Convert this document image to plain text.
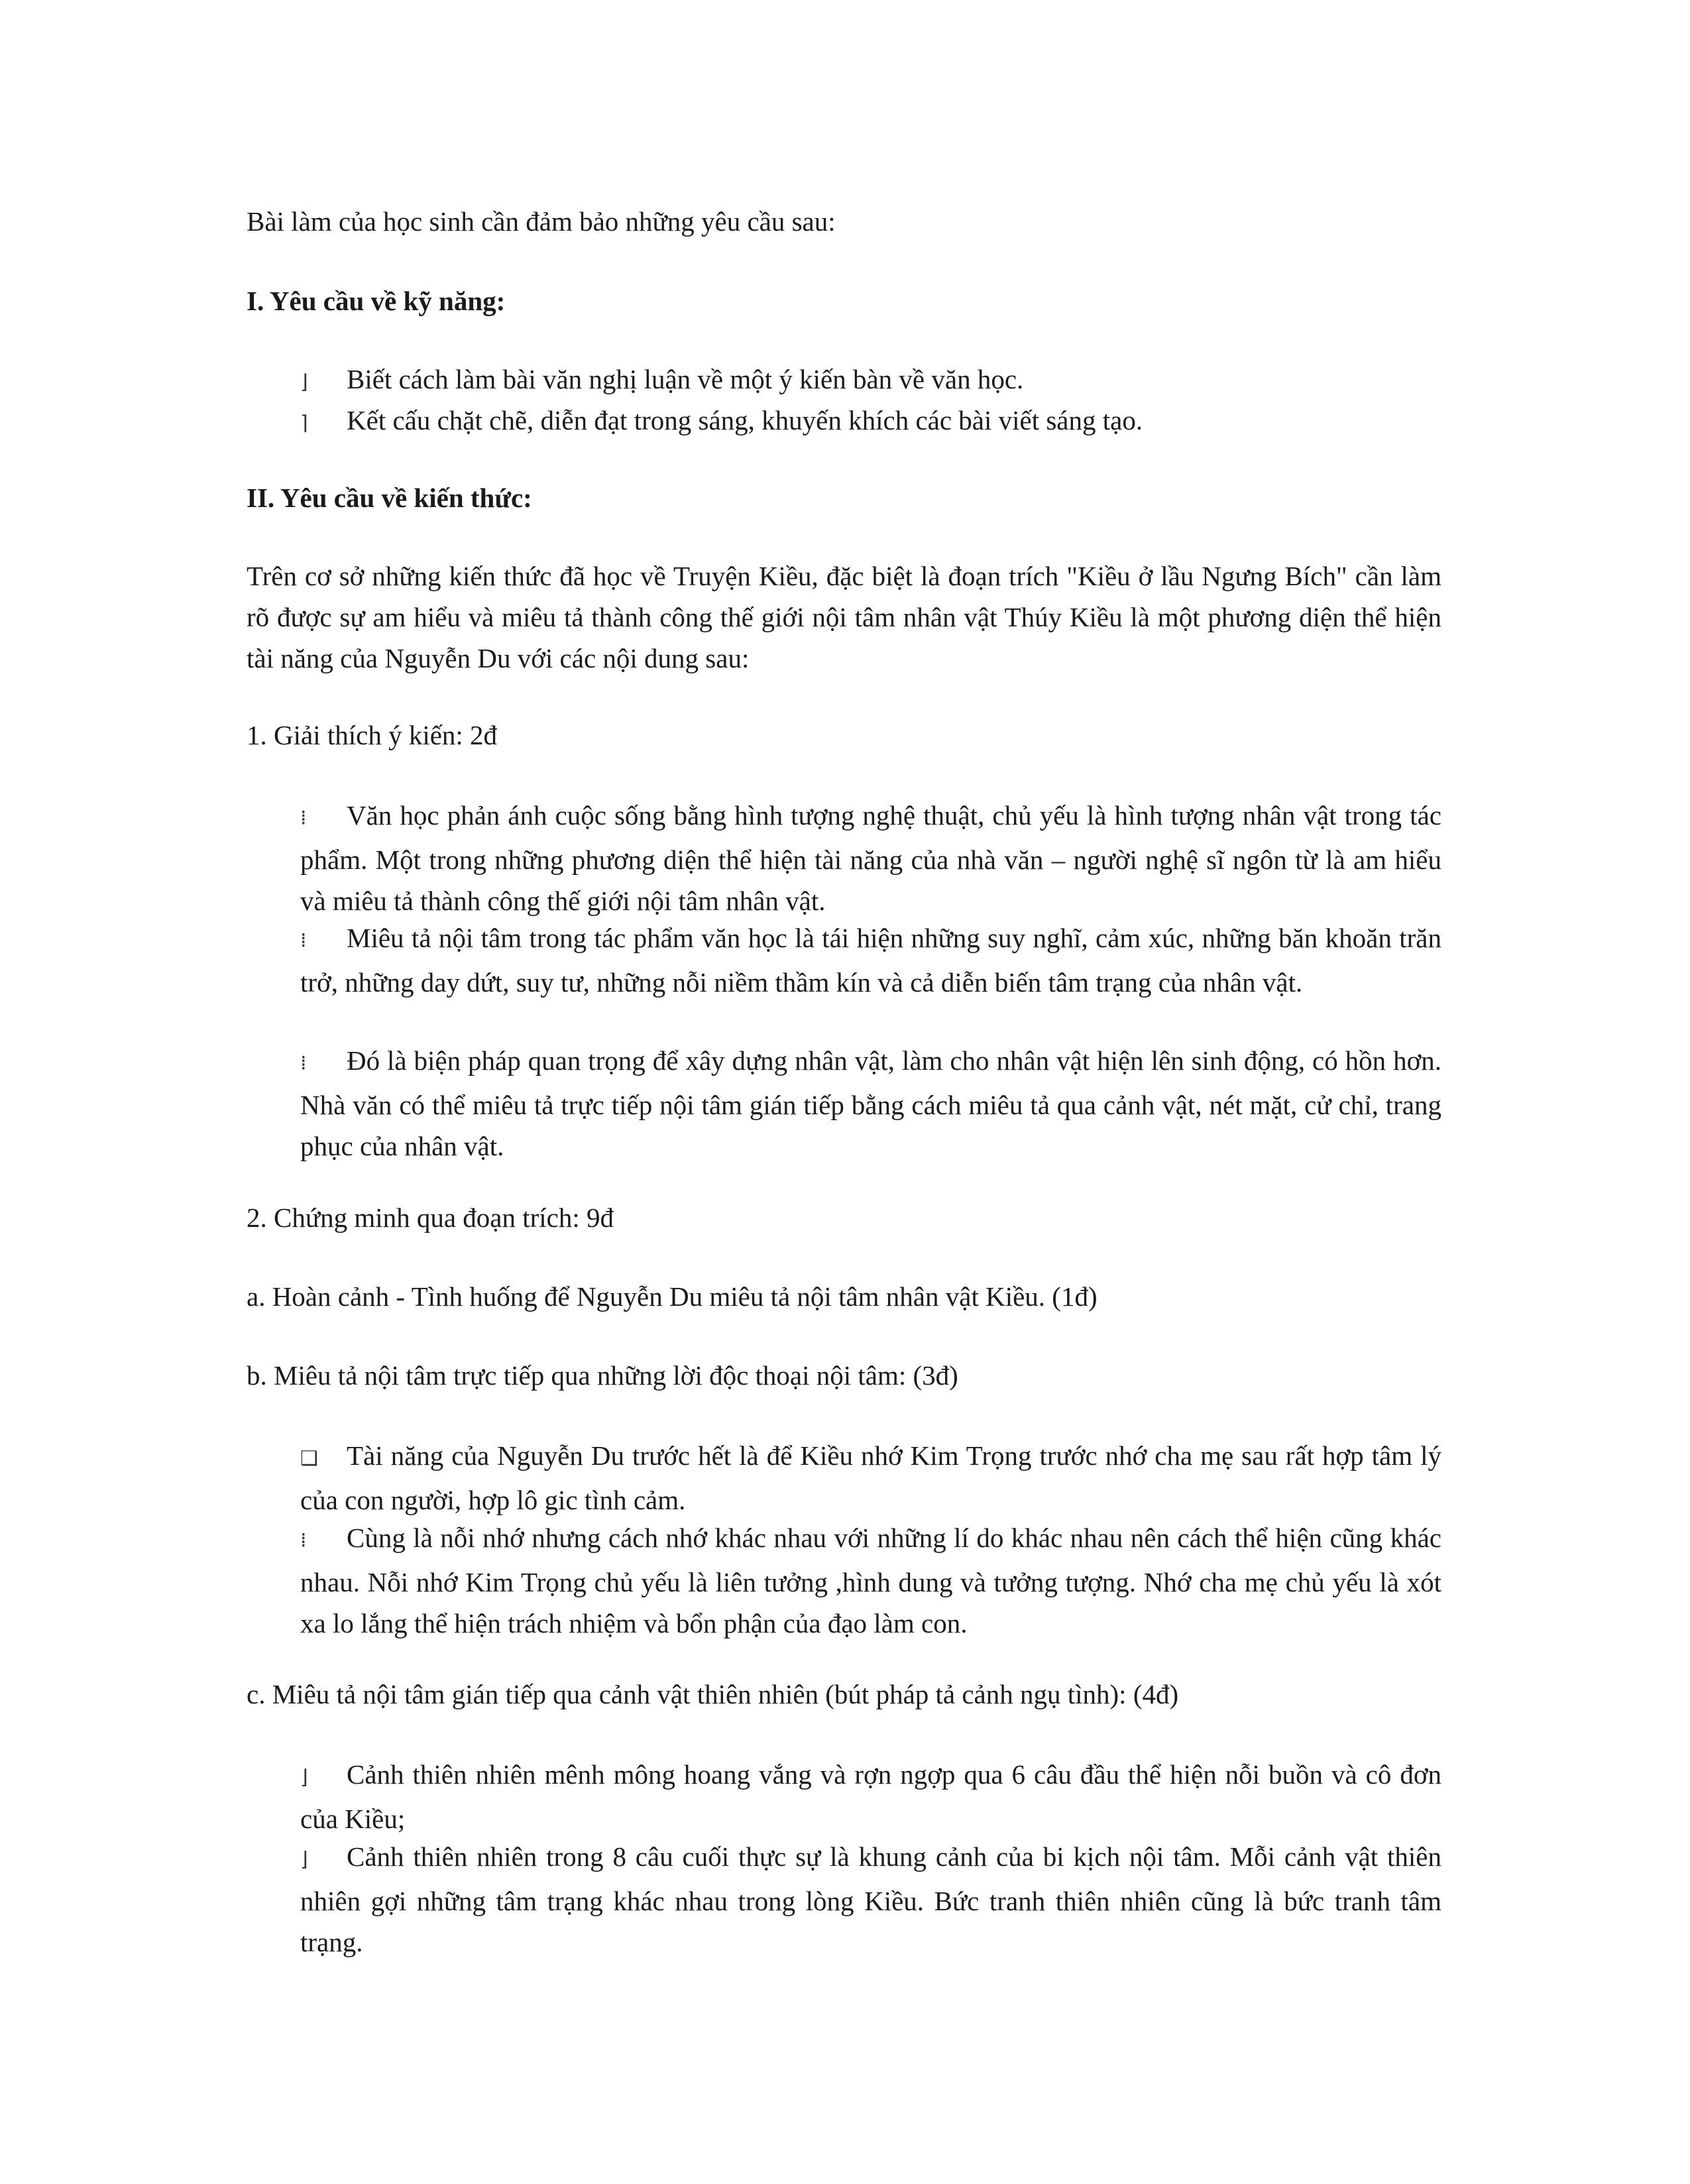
Bài làm của học sinh cần đảm bảo những yêu cầu sau:
I. Yêu cầu về kỹ năng:
⌋ Biết cách làm bài văn nghị luận về một ý kiến bàn về văn học.
⌉ Kết cấu chặt chẽ, diễn đạt trong sáng, khuyến khích các bài viết sáng tạo.
II. Yêu cầu về kiến thức:
Trên cơ sở những kiến thức đã học về Truyện Kiều, đặc biệt là đoạn trích "Kiều ở lầu Ngưng Bích" cần làm rõ được sự am hiểu và miêu tả thành công thế giới nội tâm nhân vật Thúy Kiều là một phương diện thể hiện tài năng của Nguyễn Du với các nội dung sau:
1. Giải thích ý kiến: 2đ
⁞ Văn học phản ánh cuộc sống bằng hình tượng nghệ thuật, chủ yếu là hình tượng nhân vật trong tác phẩm. Một trong những phương diện thể hiện tài năng của nhà văn – người nghệ sĩ ngôn từ là am hiểu và miêu tả thành công thế giới nội tâm nhân vật.
⁞ Miêu tả nội tâm trong tác phẩm văn học là tái hiện những suy nghĩ, cảm xúc, những băn khoăn trăn trở, những day dứt, suy tư, những nỗi niềm thầm kín và cả diễn biến tâm trạng của nhân vật.
⁞ Đó là biện pháp quan trọng để xây dựng nhân vật, làm cho nhân vật hiện lên sinh động, có hồn hơn. Nhà văn có thể miêu tả trực tiếp nội tâm gián tiếp bằng cách miêu tả qua cảnh vật, nét mặt, cử chỉ, trang phục của nhân vật.
2. Chứng minh qua đoạn trích: 9đ
a. Hoàn cảnh - Tình huống để Nguyễn Du miêu tả nội tâm nhân vật Kiều. (1đ)
b. Miêu tả nội tâm trực tiếp qua những lời độc thoại nội tâm: (3đ)
❑ Tài năng của Nguyễn Du trước hết là để Kiều nhớ Kim Trọng trước nhớ cha mẹ sau rất hợp tâm lý của con người, hợp lô gic tình cảm.
⁞ Cùng là nỗi nhớ nhưng cách nhớ khác nhau với những lí do khác nhau nên cách thể hiện cũng khác nhau. Nỗi nhớ Kim Trọng chủ yếu là liên tưởng ,hình dung và tưởng tượng. Nhớ cha mẹ chủ yếu là xót xa lo lắng thể hiện trách nhiệm và bổn phận của đạo làm con.
c. Miêu tả nội tâm gián tiếp qua cảnh vật thiên nhiên (bút pháp tả cảnh ngụ tình): (4đ)
⌋ Cảnh thiên nhiên mênh mông hoang vắng và rợn ngợp qua 6 câu đầu thể hiện nỗi buồn và cô đơn của Kiều;
⌋ Cảnh thiên nhiên trong 8 câu cuối thực sự là khung cảnh của bi kịch nội tâm. Mỗi cảnh vật thiên nhiên gợi những tâm trạng khác nhau trong lòng Kiều. Bức tranh thiên nhiên cũng là bức tranh tâm trạng.
